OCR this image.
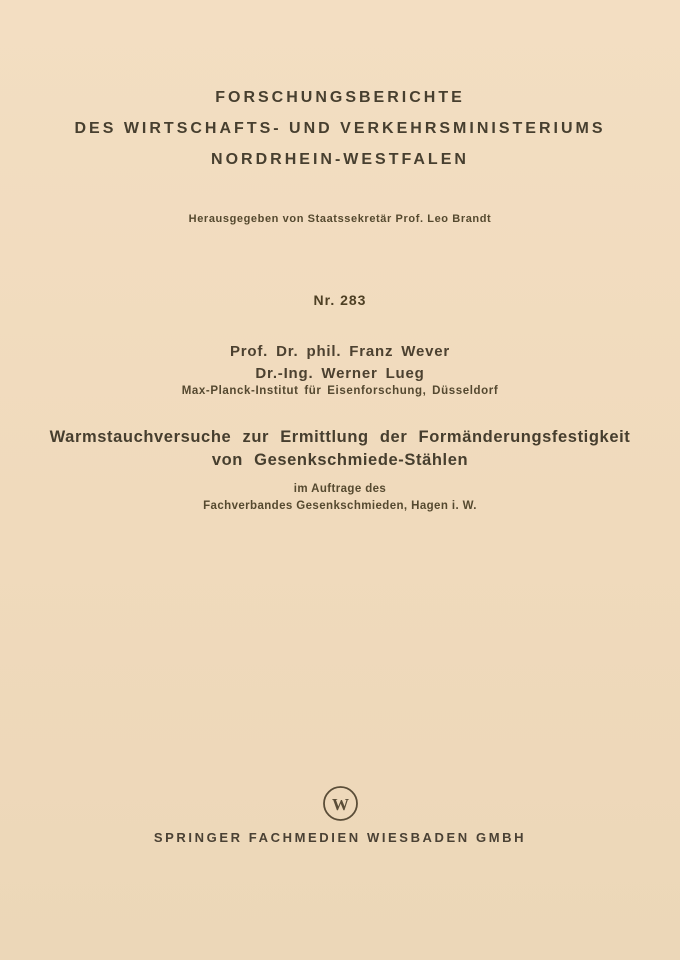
FORSCHUNGSBERICHTE
DES WIRTSCHAFTS- UND VERKEHRSMINISTERIUMS
NORDRHEIN-WESTFALEN
Herausgegeben von Staatssekretär Prof. Leo Brandt
Nr. 283
Prof. Dr. phil. Franz Wever
Dr.-Ing. Werner Lueg
Max-Planck-Institut für Eisenforschung, Düsseldorf
Warmstauchversuche zur Ermittlung der Formänderungsfestigkeit
von Gesenkschmiede-Stählen
im Auftrage des
Fachverbandes Gesenkschmieden, Hagen i. W.
W
SPRINGER FACHMEDIEN WIESBADEN GMBH
